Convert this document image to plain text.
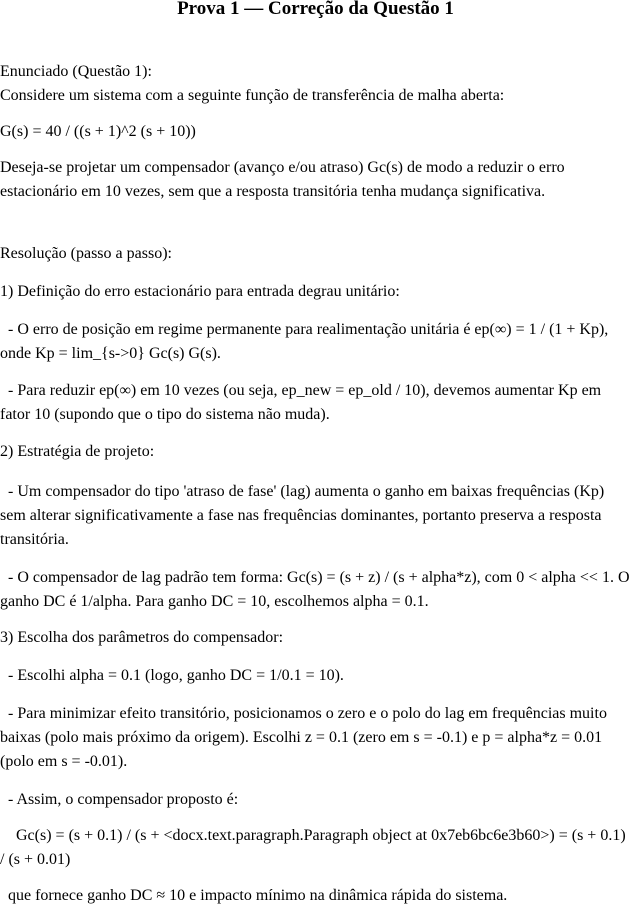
Prova 1 — Correção da Questão 1

Enunciado (Questão 1):

Considere um sistema com a seguinte função de transferência de malha aberta:

G(s) = 40 / ((s + 1)^2 (s + 10))

Deseja-se projetar um compensador (avanço e/ou atraso) Gc(s) de modo a reduzir o erro estacionário em 10 vezes, sem que a resposta transitória tenha mudança significativa.

Resolução (passo a passo):

1) Definição do erro estacionário para entrada degrau unitário:

- O erro de posição em regime permanente para realimentação unitária é ep(∞) = 1 / (1 + Kp), onde Kp = lim_{s->0} Gc(s) G(s).

- Para reduzir ep(∞) em 10 vezes (ou seja, ep_new = ep_old / 10), devemos aumentar Kp em fator 10 (supondo que o tipo do sistema não muda).

2) Estratégia de projeto:

- Um compensador do tipo 'atraso de fase' (lag) aumenta o ganho em baixas frequências (Kp) sem alterar significativamente a fase nas frequências dominantes, portanto preserva a resposta transitória.

- O compensador de lag padrão tem forma: Gc(s) = (s + z) / (s + alpha*z), com 0 < alpha << 1. O ganho DC é 1/alpha. Para ganho DC = 10, escolhemos alpha = 0.1.

3) Escolha dos parâmetros do compensador:

- Escolhi alpha = 0.1 (logo, ganho DC = 1/0.1 = 10).

- Para minimizar efeito transitório, posicionamos o zero e o polo do lag em frequências muito baixas (polo mais próximo da origem). Escolhi z = 0.1 (zero em s = -0.1) e p = alpha*z = 0.01 (polo em s = -0.01).

- Assim, o compensador proposto é:

Gc(s) = (s + 0.1) / (s + <docx.text.paragraph.Paragraph object at 0x7eb6bc6e3b60>) = (s + 0.1) / (s + 0.01)

que fornece ganho DC ≈ 10 e impacto mínimo na dinâmica rápida do sistema.
